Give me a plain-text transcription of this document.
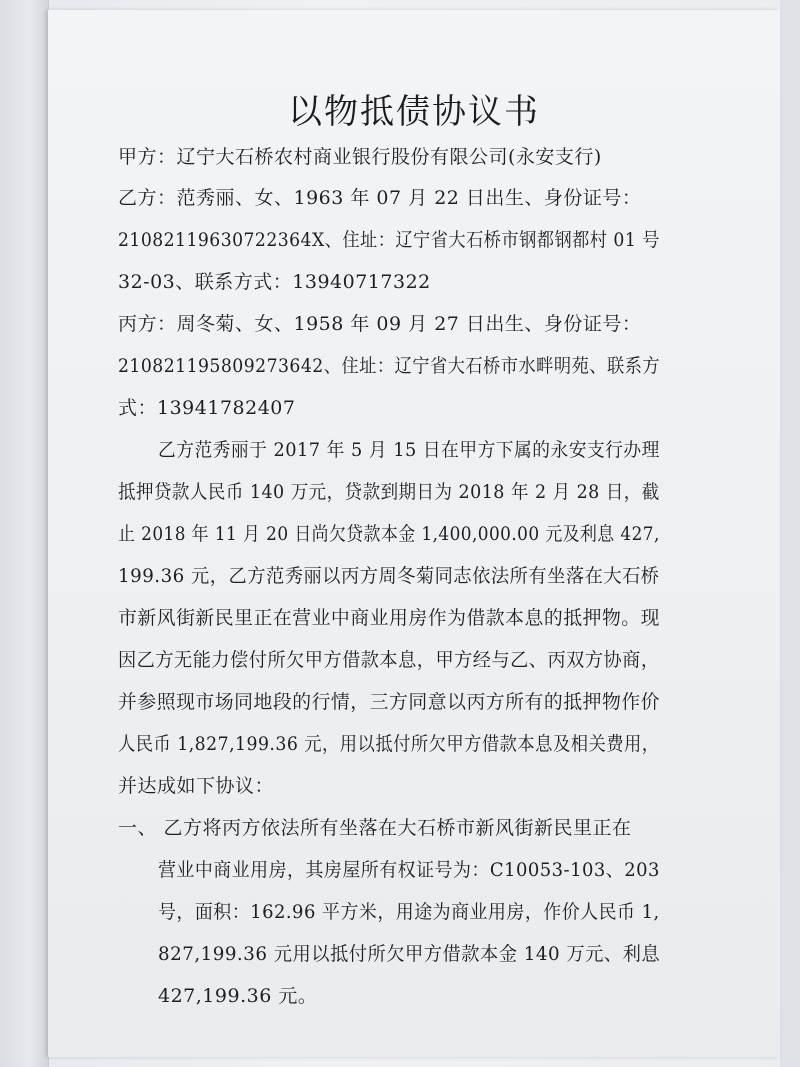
以物抵债协议书
甲方：辽宁大石桥农村商业银行股份有限公司(永安支行)
乙方：范秀丽、女、1963 年 07 月 22 日出生、身份证号：
21082119630722364X、住址：辽宁省大石桥市钢都钢都村 01 号
32-03、联系方式：13940717322
丙方：周冬菊、女、1958 年 09 月 27 日出生、身份证号：
210821195809273642、住址：辽宁省大石桥市水畔明苑、联系方
式：13941782407
乙方范秀丽于 2017 年 5 月 15 日在甲方下属的永安支行办理
抵押贷款人民币 140 万元，贷款到期日为 2018 年 2 月 28 日，截
止 2018 年 11 月 20 日尚欠贷款本金 1,400,000.00 元及利息 427,
199.36 元，乙方范秀丽以丙方周冬菊同志依法所有坐落在大石桥
市新风街新民里正在营业中商业用房作为借款本息的抵押物。现
因乙方无能力偿付所欠甲方借款本息，甲方经与乙、丙双方协商，
并参照现市场同地段的行情，三方同意以丙方所有的抵押物作价
人民币 1,827,199.36 元，用以抵付所欠甲方借款本息及相关费用，
并达成如下协议：
一、 乙方将丙方依法所有坐落在大石桥市新风街新民里正在
营业中商业用房，其房屋所有权证号为：C10053-103、203
号，面积：162.96 平方米，用途为商业用房，作价人民币 1,
827,199.36 元用以抵付所欠甲方借款本金 140 万元、利息
427,199.36 元。
